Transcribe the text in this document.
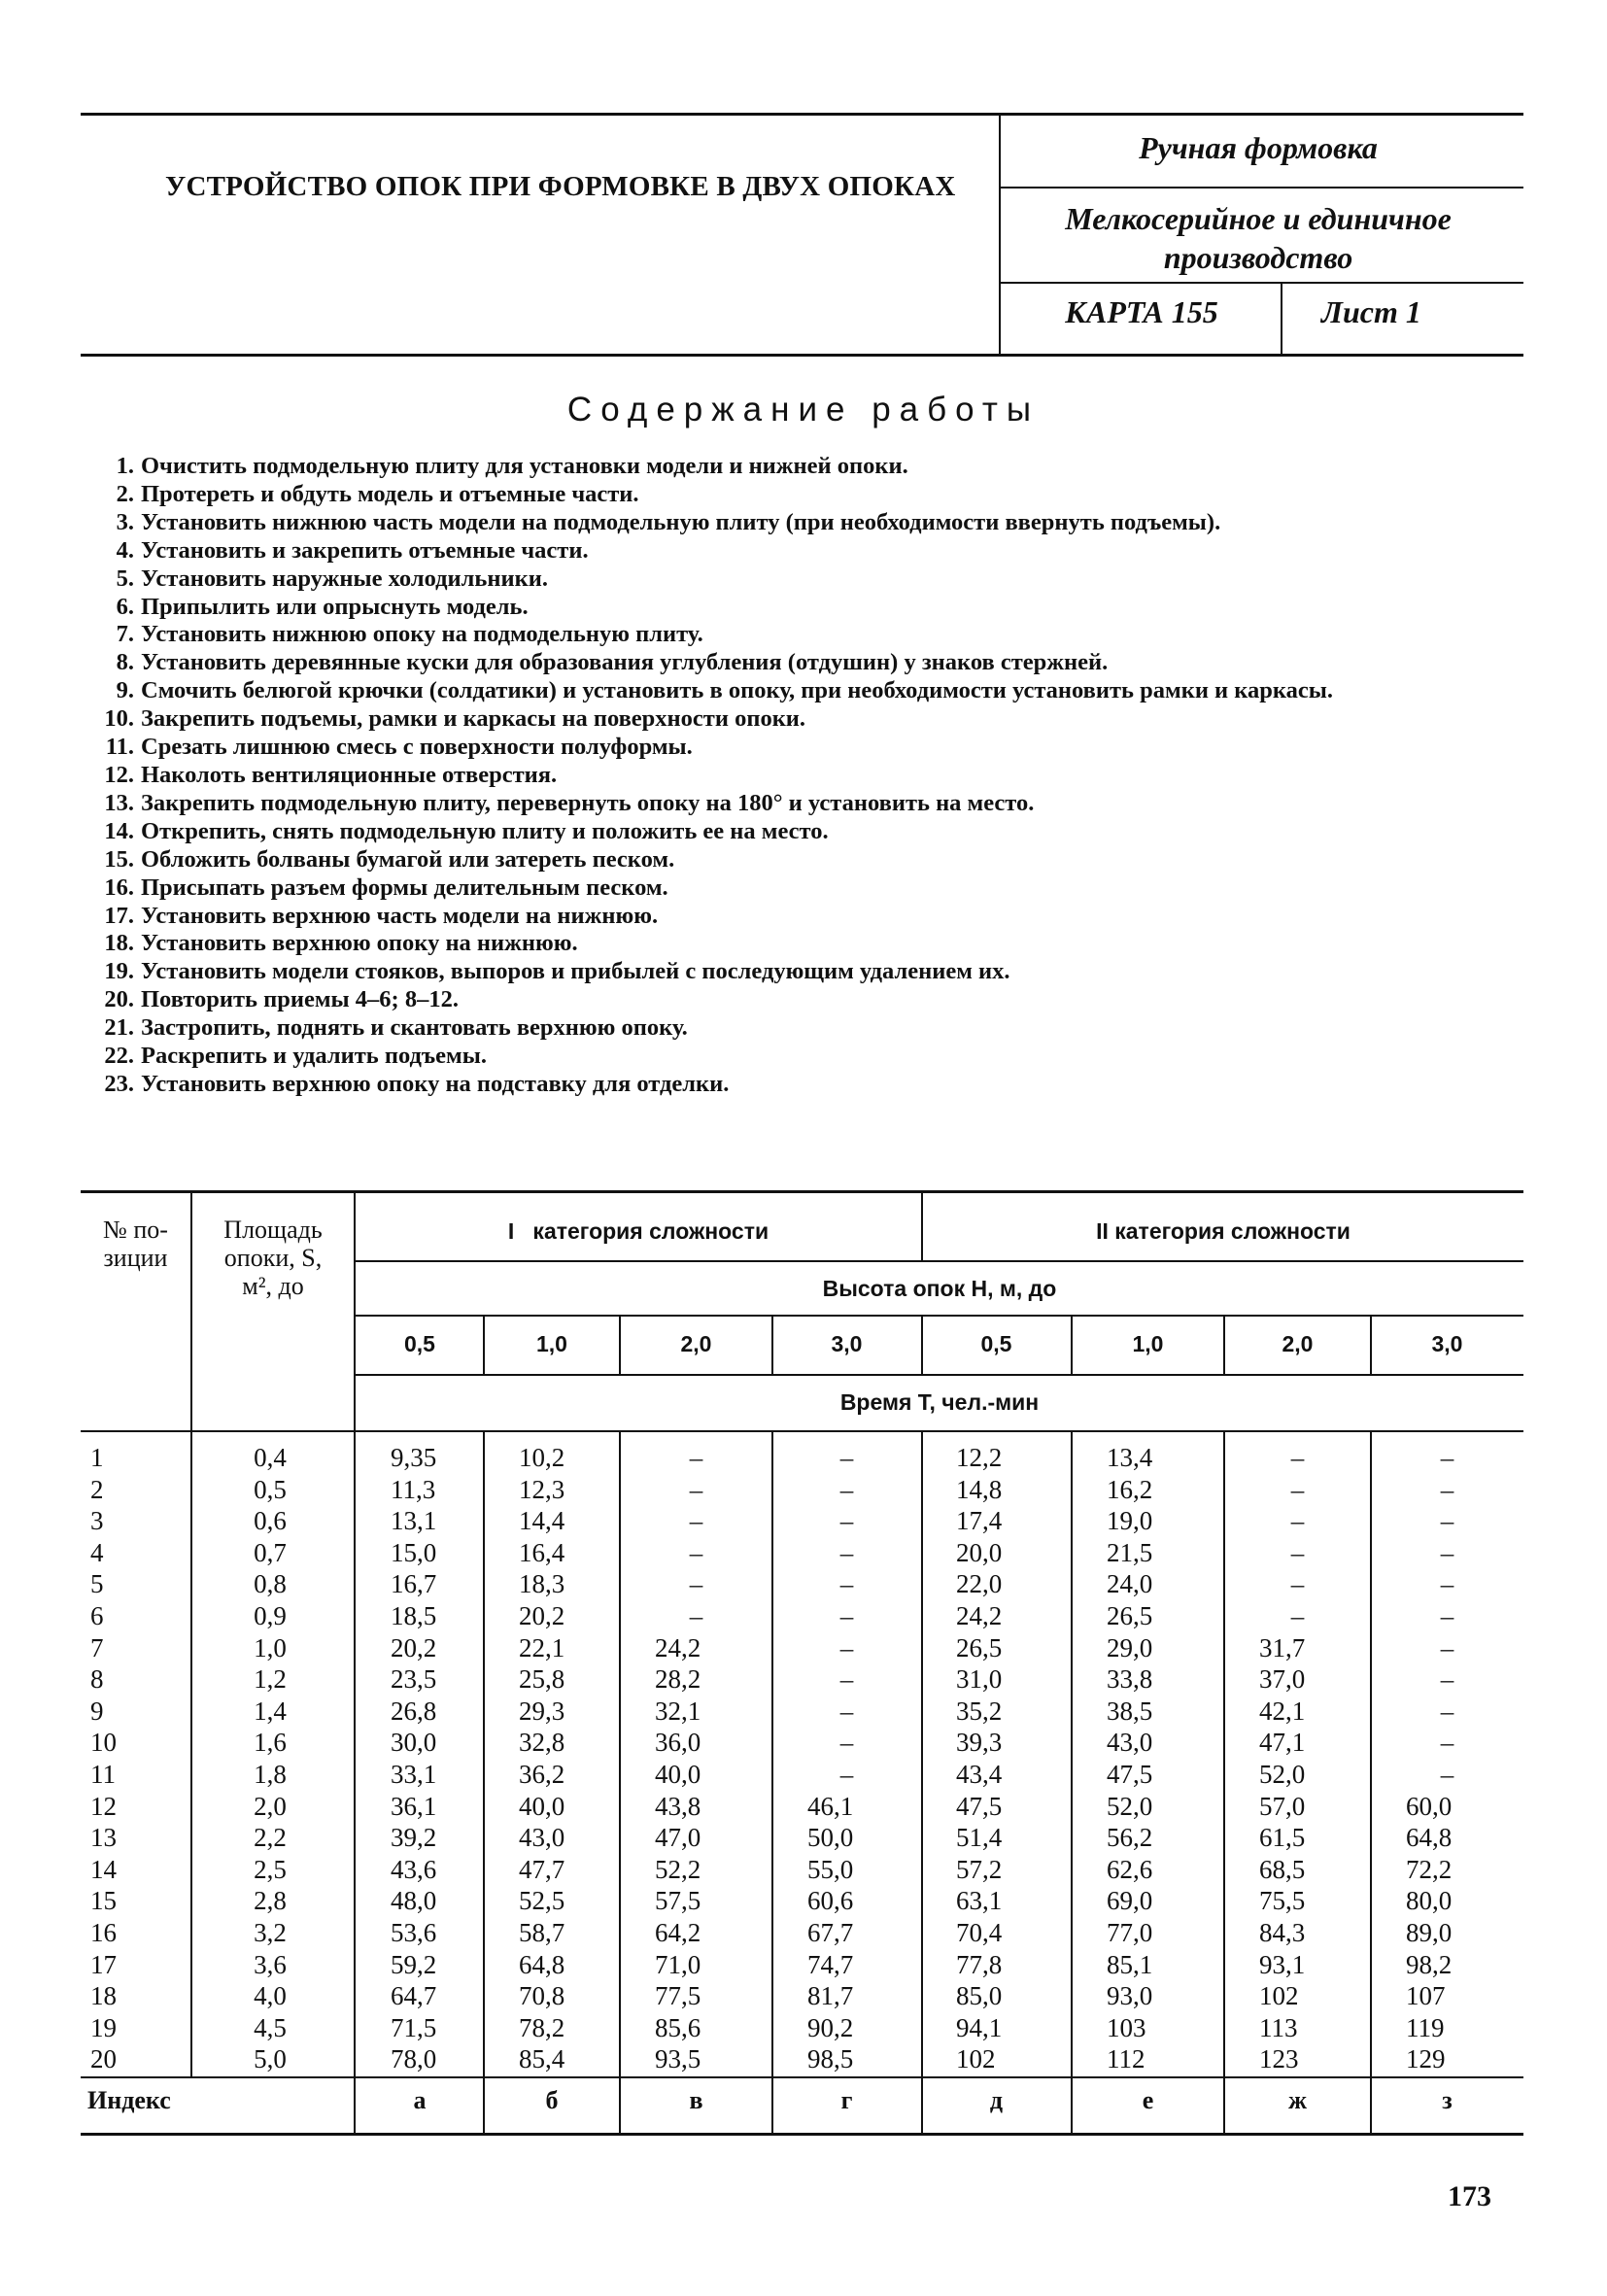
УСТРОЙСТВО ОПОК ПРИ ФОРМОВКЕ В ДВУХ ОПОКАХ
Ручная формовка
Мелкосерийное и единичное
производство
КАРТА 155	Лист 1
Содержание работы
1. Очистить подмодельную плиту для установки модели и нижней опоки.
2. Протереть и обдуть модель и отъемные части.
3. Установить нижнюю часть модели на подмодельную плиту (при необходимости ввернуть подъемы).
4. Установить и закрепить отъемные части.
5. Установить наружные холодильники.
6. Припылить или опрыснуть модель.
7. Установить нижнюю опоку на подмодельную плиту.
8. Установить деревянные куски для образования углубления (отдушин) у знаков стержней.
9. Смочить белюгой крючки (солдатики) и установить в опоку, при необходимости установить рамки и каркасы.
10. Закрепить подъемы, рамки и каркасы на поверхности опоки.
11. Срезать лишнюю смесь с поверхности полуформы.
12. Наколоть вентиляционные отверстия.
13. Закрепить подмодельную плиту, перевернуть опоку на 180° и установить на место.
14. Открепить, снять подмодельную плиту и положить ее на место.
15. Обложить болваны бумагой или затереть песком.
16. Присыпать разъем формы делительным песком.
17. Установить верхнюю часть модели на нижнюю.
18. Установить верхнюю опоку на нижнюю.
19. Установить модели стояков, выпоров и прибылей с последующим удалением их.
20. Повторить приемы 4–6; 8–12.
21. Застропить, поднять и скантовать верхнюю опоку.
22. Раскрепить и удалить подъемы.
23. Установить верхнюю опоку на подставку для отделки.
№ по-
зиции
Площадь
опоки, S,
м², до
I   категория сложности	II категория сложности
Высота опок Н, м, до
0,5	1,0	2,0	3,0	0,5	1,0	2,0	3,0
Время Т, чел.-мин
1	0,4	9,35	10,2	–	–	12,2	13,4	–	–
2	0,5	11,3	12,3	–	–	14,8	16,2	–	–
3	0,6	13,1	14,4	–	–	17,4	19,0	–	–
4	0,7	15,0	16,4	–	–	20,0	21,5	–	–
5	0,8	16,7	18,3	–	–	22,0	24,0	–	–
6	0,9	18,5	20,2	–	–	24,2	26,5	–	–
7	1,0	20,2	22,1	24,2	–	26,5	29,0	31,7	–
8	1,2	23,5	25,8	28,2	–	31,0	33,8	37,0	–
9	1,4	26,8	29,3	32,1	–	35,2	38,5	42,1	–
10	1,6	30,0	32,8	36,0	–	39,3	43,0	47,1	–
11	1,8	33,1	36,2	40,0	–	43,4	47,5	52,0	–
12	2,0	36,1	40,0	43,8	46,1	47,5	52,0	57,0	60,0
13	2,2	39,2	43,0	47,0	50,0	51,4	56,2	61,5	64,8
14	2,5	43,6	47,7	52,2	55,0	57,2	62,6	68,5	72,2
15	2,8	48,0	52,5	57,5	60,6	63,1	69,0	75,5	80,0
16	3,2	53,6	58,7	64,2	67,7	70,4	77,0	84,3	89,0
17	3,6	59,2	64,8	71,0	74,7	77,8	85,1	93,1	98,2
18	4,0	64,7	70,8	77,5	81,7	85,0	93,0	102	107
19	4,5	71,5	78,2	85,6	90,2	94,1	103	113	119
20	5,0	78,0	85,4	93,5	98,5	102	112	123	129
Индекс	а	б	в	г	д	е	ж	з
173
